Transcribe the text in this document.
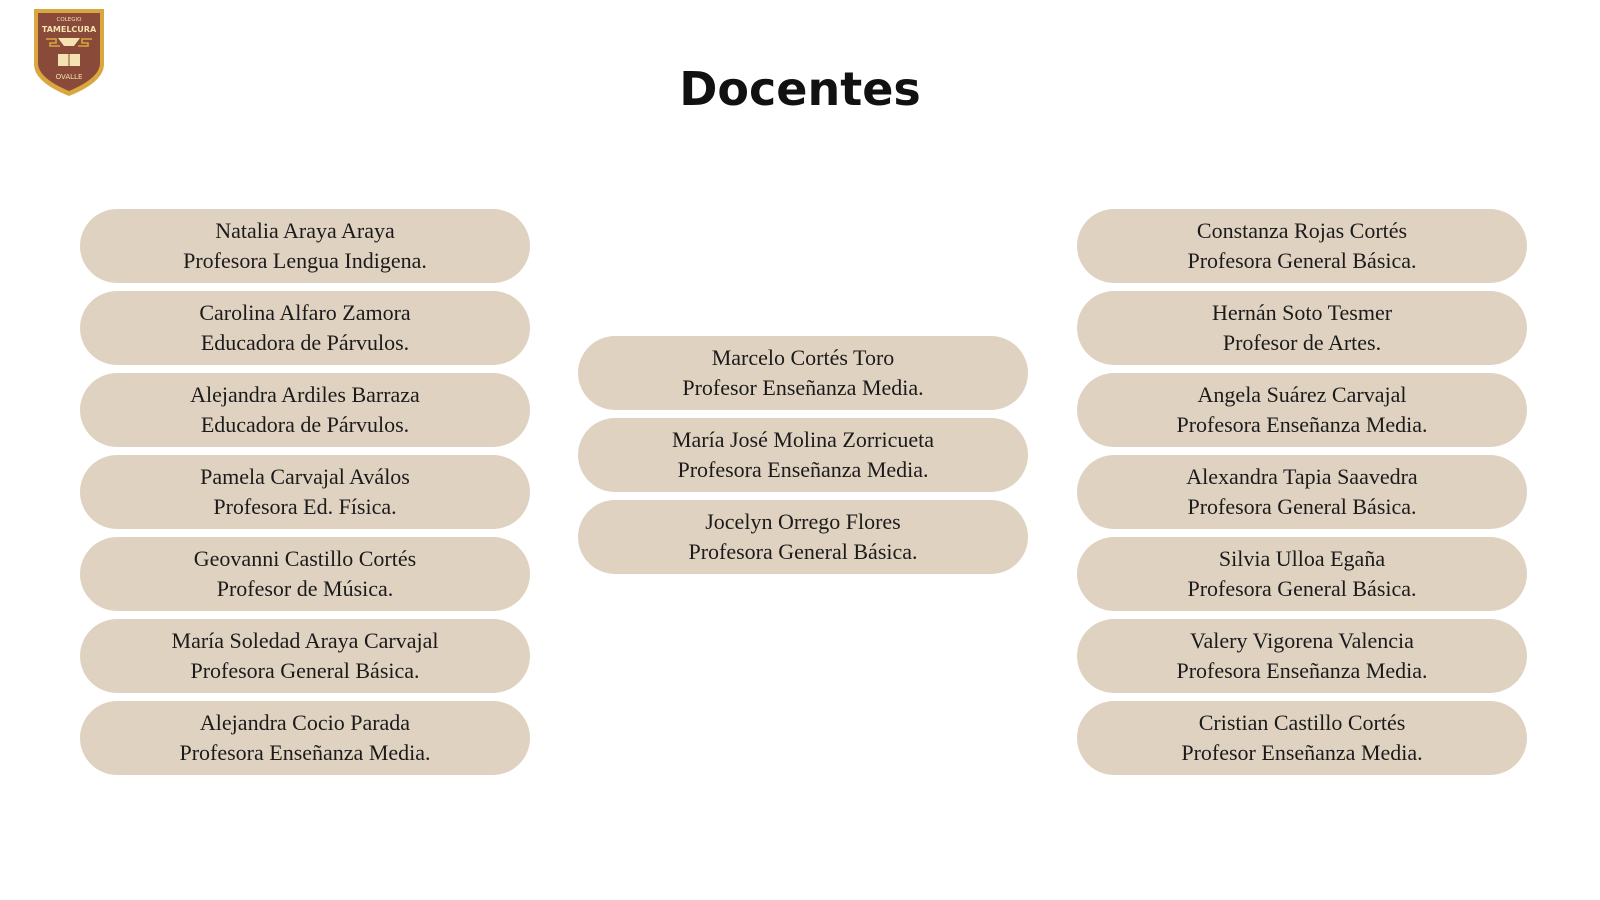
COLEGIO
TAMELCURA
OVALLE	Docentes
Natalia Araya Araya
Profesora Lengua Indigena.
Carolina Alfaro Zamora
Educadora de Párvulos.
Alejandra Ardiles Barraza
Educadora de Párvulos.
Pamela Carvajal Aválos
Profesora Ed. Física.
Geovanni Castillo Cortés
Profesor de Música.
María Soledad Araya Carvajal
Profesora General Básica.
Alejandra Cocio Parada
Profesora Enseñanza Media.
Marcelo Cortés Toro
Profesor Enseñanza Media.
María José Molina Zorricueta
Profesora Enseñanza Media.
Jocelyn Orrego Flores
Profesora General Básica.
Constanza Rojas Cortés
Profesora General Básica.
Hernán Soto Tesmer
Profesor de Artes.
Angela Suárez Carvajal
Profesora Enseñanza Media.
Alexandra Tapia Saavedra
Profesora General Básica.
Silvia Ulloa Egaña
Profesora General Básica.
Valery Vigorena Valencia
Profesora Enseñanza Media.
Cristian Castillo Cortés
Profesor Enseñanza Media.
